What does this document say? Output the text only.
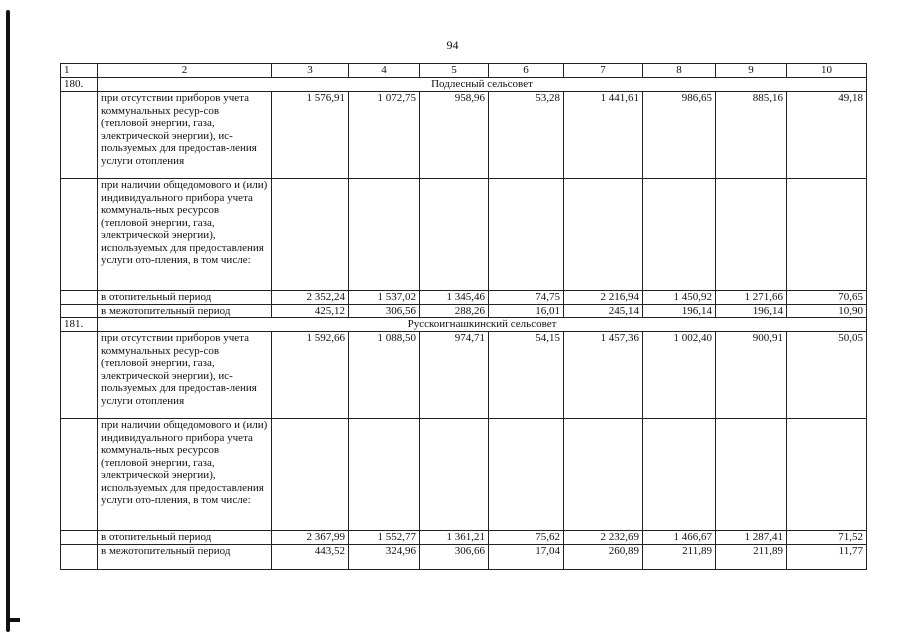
94
1	2	3	4	5	6	7	8	9	10
180.	Подлесный сельсовет								
	при отсутствии приборов учета коммунальных ресур-сов (тепловой энергии, газа, электрической энергии), ис-пользуемых для предостав-ления услуги отопления	1 576,91	1 072,75	958,96	53,28	1 441,61	986,65	885,16	49,18
	при наличии общедомового и (или) индивидуального прибора учета коммуналь-ных ресурсов (тепловой энергии, газа, электрической энергии), используемых для предоставления услуги ото-пления, в том числе:								
	в отопительный период	2 352,24	1 537,02	1 345,46	74,75	2 216,94	1 450,92	1 271,66	70,65
	в межотопительный период	425,12	306,56	288,26	16,01	245,14	196,14	196,14	10,90
181.	Русскоигнашкинский сельсовет								
	при отсутствии приборов учета коммунальных ресур-сов (тепловой энергии, газа, электрической энергии), ис-пользуемых для предостав-ления услуги отопления	1 592,66	1 088,50	974,71	54,15	1 457,36	1 002,40	900,91	50,05
	при наличии общедомового и (или) индивидуального прибора учета коммуналь-ных ресурсов (тепловой энергии, газа, электрической энергии), используемых для предоставления услуги ото-пления, в том числе:								
	в отопительный период	2 367,99	1 552,77	1 361,21	75,62	2 232,69	1 466,67	1 287,41	71,52
	в межотопительный период	443,52	324,96	306,66	17,04	260,89	211,89	211,89	11,77
